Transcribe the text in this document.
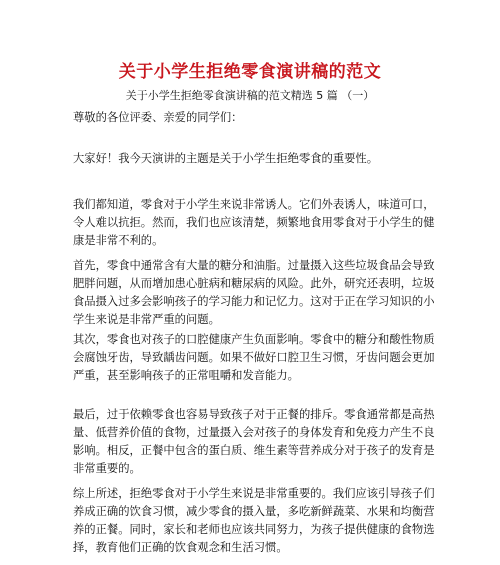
关于小学生拒绝零食演讲稿的范文
关于小学生拒绝零食演讲稿的范文精选 5 篇 （一）

尊敬的各位评委、亲爱的同学们：

大家好！我今天演讲的主题是关于小学生拒绝零食的重要性。

我们都知道，零食对于小学生来说非常诱人。它们外表诱人，味道可口，令人难以抗拒。然而，我们也应该清楚，频繁地食用零食对于小学生的健康是非常不利的。

首先，零食中通常含有大量的糖分和油脂。过量摄入这些垃圾食品会导致肥胖问题，从而增加患心脏病和糖尿病的风险。此外，研究还表明，垃圾食品摄入过多会影响孩子的学习能力和记忆力。这对于正在学习知识的小学生来说是非常严重的问题。

其次，零食也对孩子的口腔健康产生负面影响。零食中的糖分和酸性物质会腐蚀牙齿，导致龋齿问题。如果不做好口腔卫生习惯，牙齿问题会更加严重，甚至影响孩子的正常咀嚼和发音能力。

最后，过于依赖零食也容易导致孩子对于正餐的排斥。零食通常都是高热量、低营养价值的食物，过量摄入会对孩子的身体发育和免疫力产生不良影响。相反，正餐中包含的蛋白质、维生素等营养成分对于孩子的发育是非常重要的。

综上所述，拒绝零食对于小学生来说是非常重要的。我们应该引导孩子们养成正确的饮食习惯，减少零食的摄入量，多吃新鲜蔬菜、水果和均衡营养的正餐。同时，家长和老师也应该共同努力，为孩子提供健康的食物选择，教育他们正确的饮食观念和生活习惯。
